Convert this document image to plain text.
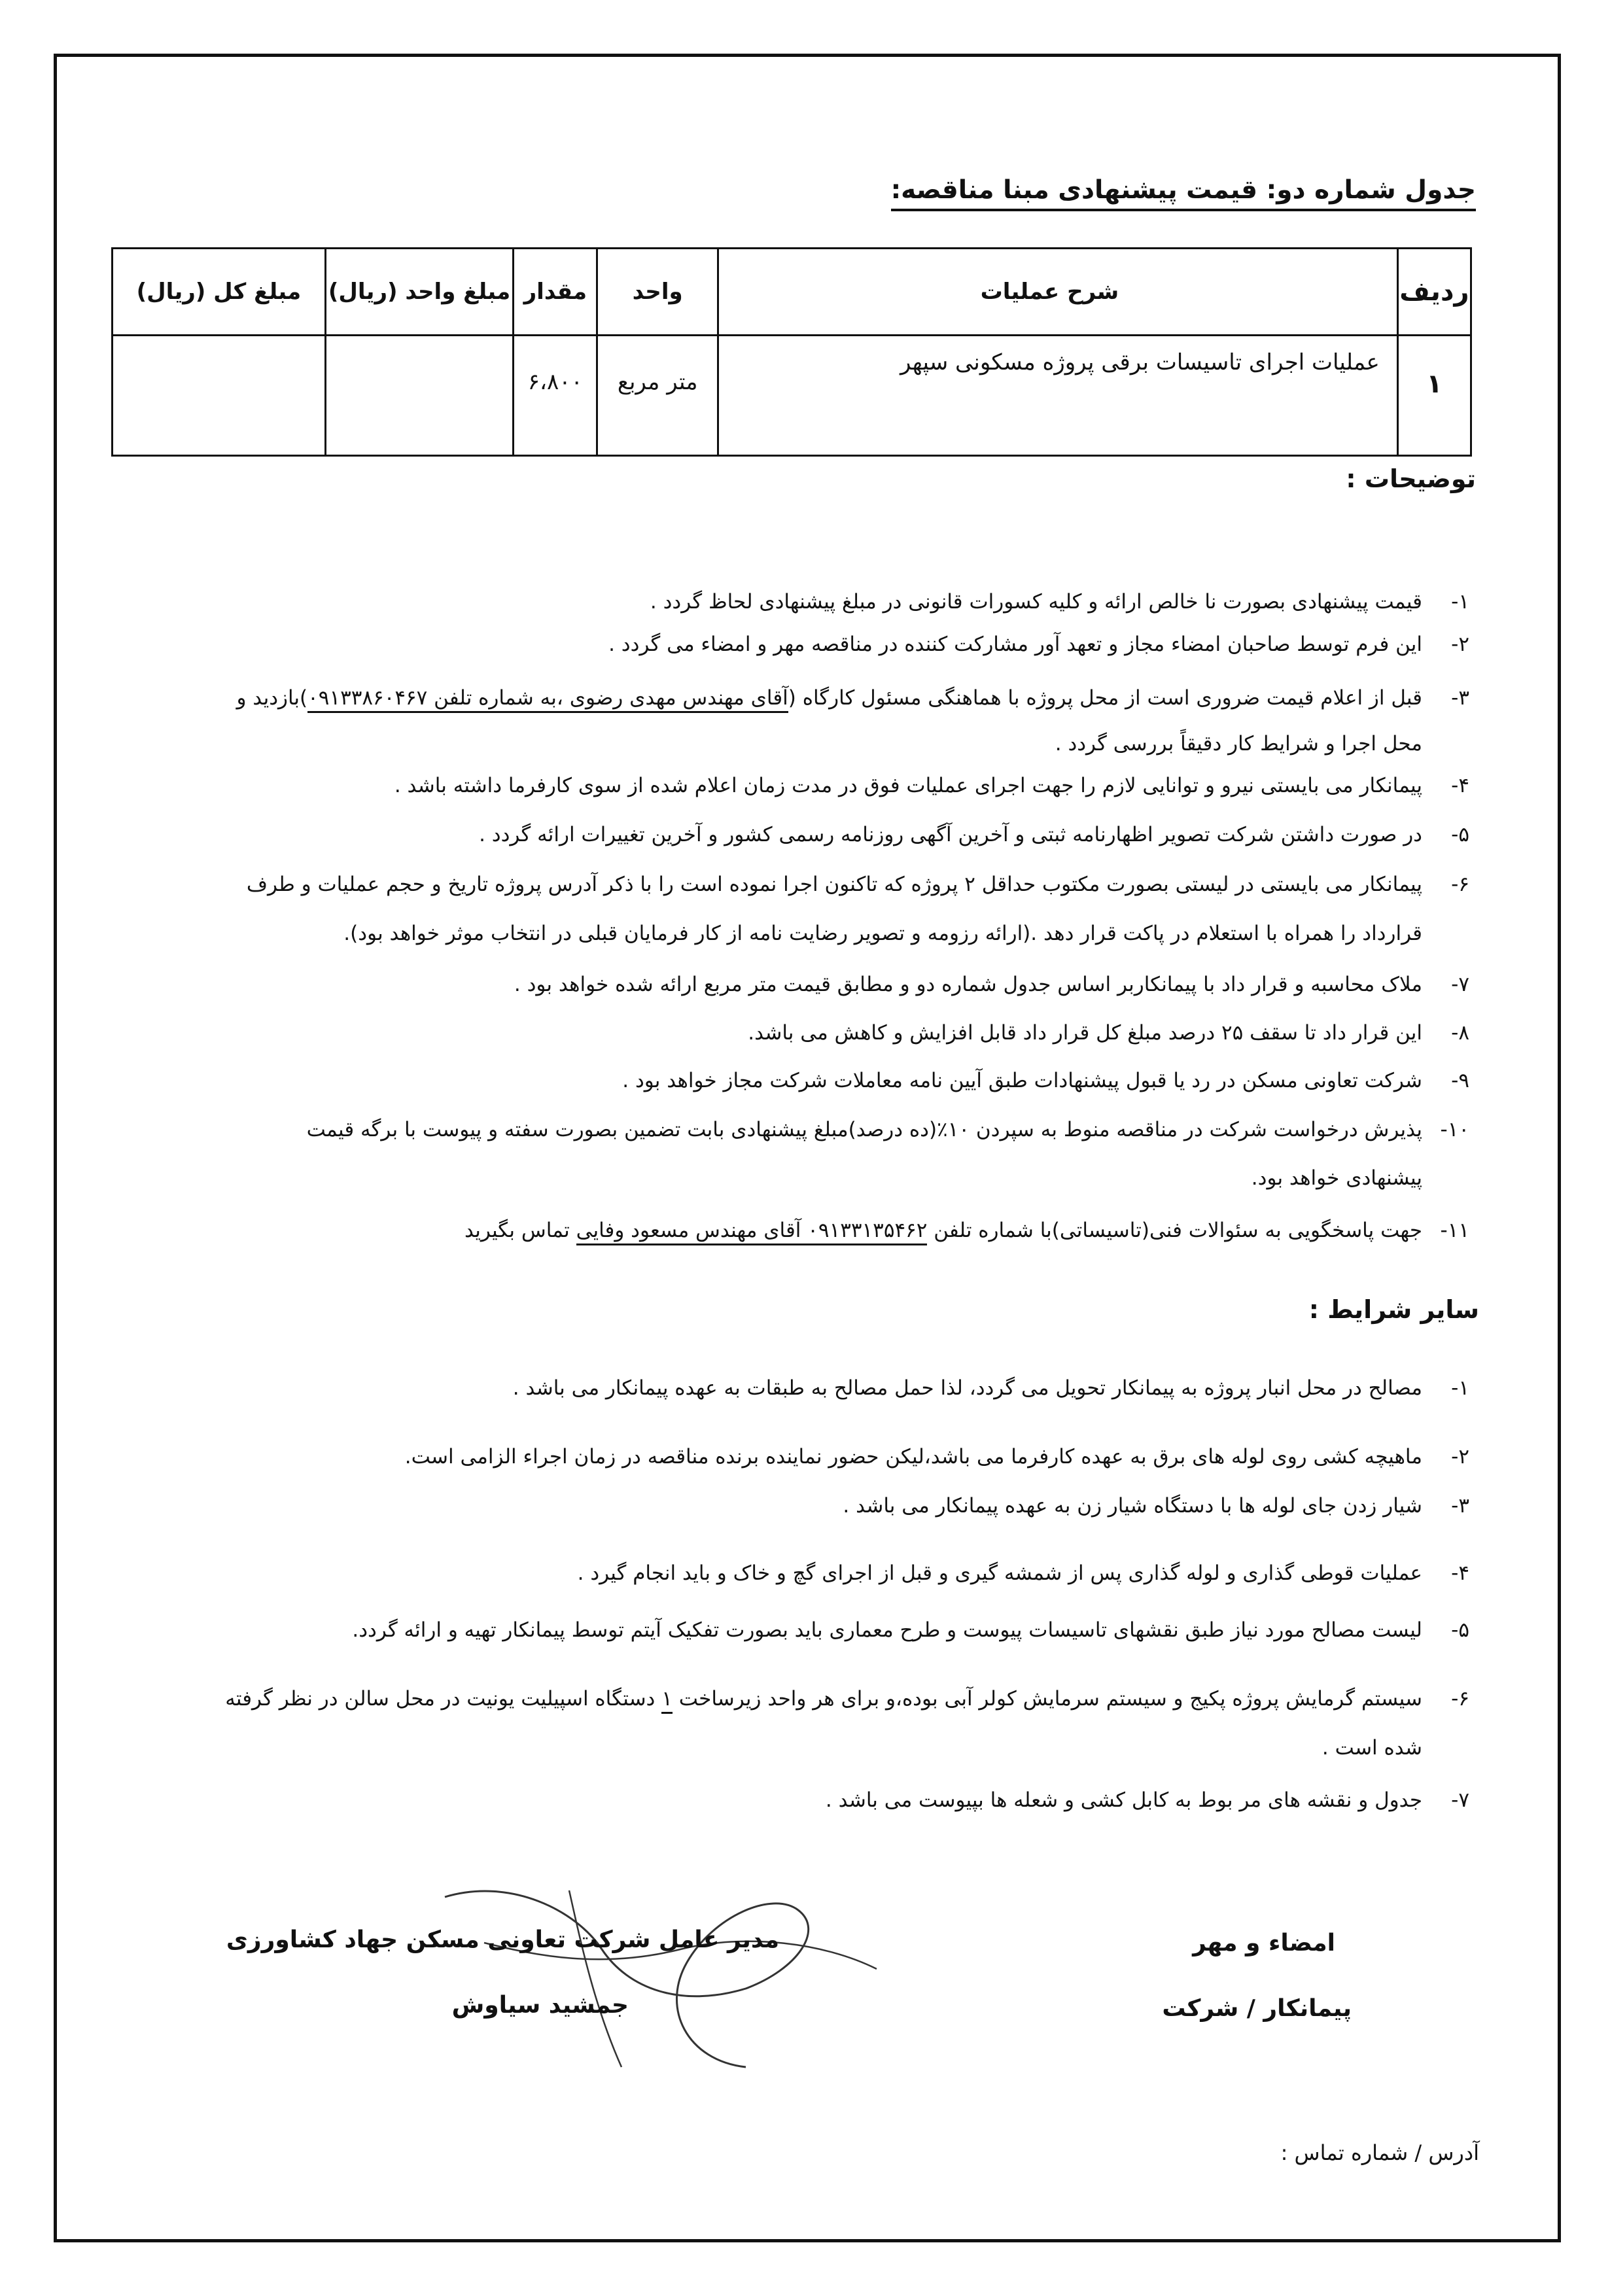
جدول شماره دو: قیمت پیشنهادی مبنا مناقصه:
ردیف	شرح عملیات	واحد	مقدار	مبلغ واحد (ریال)	مبلغ کل (ریال)
۱	عملیات اجرای تاسیسات برقی پروژه مسکونی سپهر	متر مربع	۶،۸۰۰		
توضیحات :
۱-قیمت پیشنهادی بصورت نا خالص ارائه و کلیه کسورات قانونی در مبلغ پیشنهادی لحاظ گردد .
۲-این فرم توسط صاحبان امضاء مجاز و تعهد آور مشارکت کننده در مناقصه مهر و امضاء می گردد .
۳-قبل از اعلام قیمت ضروری است از محل پروژه با هماهنگی مسئول کارگاه (آقای مهندس مهدی رضوی ،به شماره تلفن ۰۹۱۳۳۸۶۰۴۶۷)بازدید و
محل اجرا و شرایط کار دقیقاً بررسی گردد .
۴-پیمانکار می بایستی نیرو و توانایی لازم را جهت اجرای عملیات فوق در مدت زمان اعلام شده از سوی کارفرما داشته باشد .
۵-در صورت داشتن شرکت تصویر اظهارنامه ثبتی و آخرین آگهی روزنامه رسمی کشور و آخرین تغییرات ارائه گردد .
۶-پیمانکار می بایستی در لیستی بصورت مکتوب حداقل ۲ پروژه که تاکنون اجرا نموده است را با ذکر آدرس پروژه تاریخ و حجم عملیات و طرف
قرارداد را همراه با استعلام در پاکت قرار دهد .(ارائه رزومه و تصویر رضایت نامه از کار فرمایان قبلی در انتخاب موثر خواهد بود).
۷-ملاک محاسبه و قرار داد با پیمانکاربر اساس جدول شماره دو و مطابق قیمت متر مربع ارائه شده خواهد بود .
۸-این قرار داد تا سقف ۲۵ درصد مبلغ کل قرار داد قابل افزایش و کاهش می باشد.
۹-شرکت تعاونی مسکن در رد یا قبول پیشنهادات طبق آیین نامه معاملات شرکت مجاز خواهد بود .
۱۰-پذیرش درخواست شرکت در مناقصه منوط به سپردن ۱۰٪(ده درصد)مبلغ پیشنهادی بابت تضمین بصورت سفته و پیوست با برگه قیمت
پیشنهادی خواهد بود.
۱۱-جهت پاسخگویی به سئوالات فنی(تاسیساتی)با شماره تلفن ۰۹۱۳۳۱۳۵۴۶۲ آقای مهندس مسعود وفایی تماس بگیرید
سایر شرایط :
۱-مصالح در محل انبار پروژه به پیمانکار تحویل می گردد، لذا حمل مصالح به طبقات به عهده پیمانکار می باشد .
۲-ماهیچه کشی روی لوله های برق به عهده کارفرما می باشد،لیکن حضور نماینده برنده مناقصه در زمان اجراء الزامی است.
۳-شیار زدن جای لوله ها با دستگاه شیار زن به عهده پیمانکار می باشد .
۴-عملیات قوطی گذاری و لوله گذاری پس از شمشه گیری و قبل از اجرای گچ و خاک و باید انجام گیرد .
۵-لیست مصالح مورد نیاز طبق نقشهای تاسیسات پیوست و طرح معماری باید بصورت تفکیک آیتم توسط پیمانکار تهیه و ارائه گردد.
۶-سیستم گرمایش پروژه پکیج و سیستم سرمایش کولر آبی بوده،و برای هر واحد زیرساخت ۱ دستگاه اسپیلیت یونیت در محل سالن در نظر گرفته
شده است .
۷-جدول و نقشه های مر بوط به کابل کشی و شعله ها بپیوست می باشد .
مدیر عامل شرکت تعاونی مسکن جهاد کشاورزی
جمشید سیاوش
امضاء و مهر
پیمانکار / شرکت
آدرس / شماره تماس :
